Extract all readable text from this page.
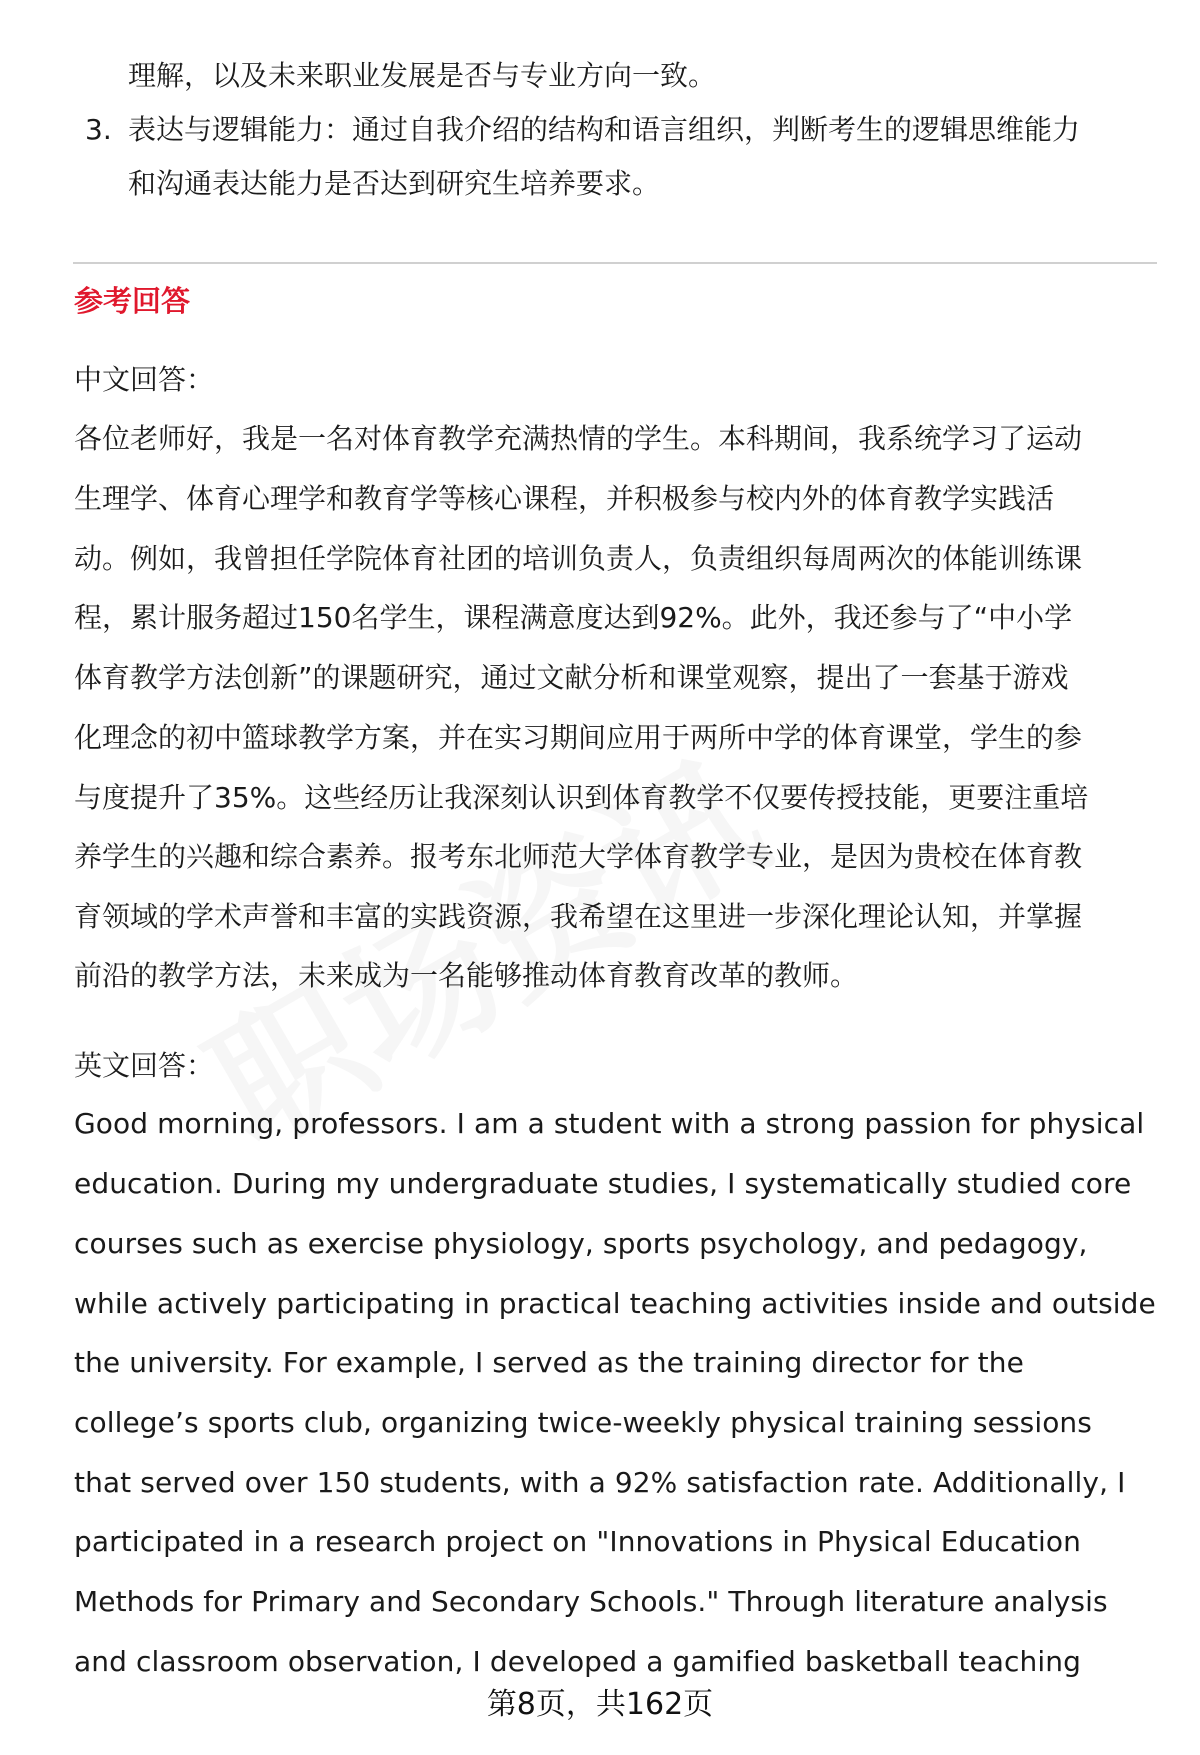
理解，以及未来职业发展是否与专业方向一致。
3. 表达与逻辑能力：通过自我介绍的结构和语言组织，判断考生的逻辑思维能力
和沟通表达能力是否达到研究生培养要求。
参考回答
中文回答：
各位老师好，我是一名对体育教学充满热情的学生。本科期间，我系统学习了运动
生理学、体育心理学和教育学等核心课程，并积极参与校内外的体育教学实践活
动。例如，我曾担任学院体育社团的培训负责人，负责组织每周两次的体能训练课
程，累计服务超过150名学生，课程满意度达到92%。此外，我还参与了“中小学
体育教学方法创新”的课题研究，通过文献分析和课堂观察，提出了一套基于游戏
化理念的初中篮球教学方案，并在实习期间应用于两所中学的体育课堂，学生的参
与度提升了35%。这些经历让我深刻认识到体育教学不仅要传授技能，更要注重培
养学生的兴趣和综合素养。报考东北师范大学体育教学专业，是因为贵校在体育教
育领域的学术声誉和丰富的实践资源，我希望在这里进一步深化理论认知，并掌握
前沿的教学方法，未来成为一名能够推动体育教育改革的教师。
英文回答：
Good morning, professors. I am a student with a strong passion for physical
education. During my undergraduate studies, I systematically studied core
courses such as exercise physiology, sports psychology, and pedagogy,
while actively participating in practical teaching activities inside and outside
the university. For example, I served as the training director for the
college’s sports club, organizing twice-weekly physical training sessions
that served over 150 students, with a 92% satisfaction rate. Additionally, I
participated in a research project on "Innovations in Physical Education
Methods for Primary and Secondary Schools." Through literature analysis
and classroom observation, I developed a gamified basketball teaching
第8页，共162页
